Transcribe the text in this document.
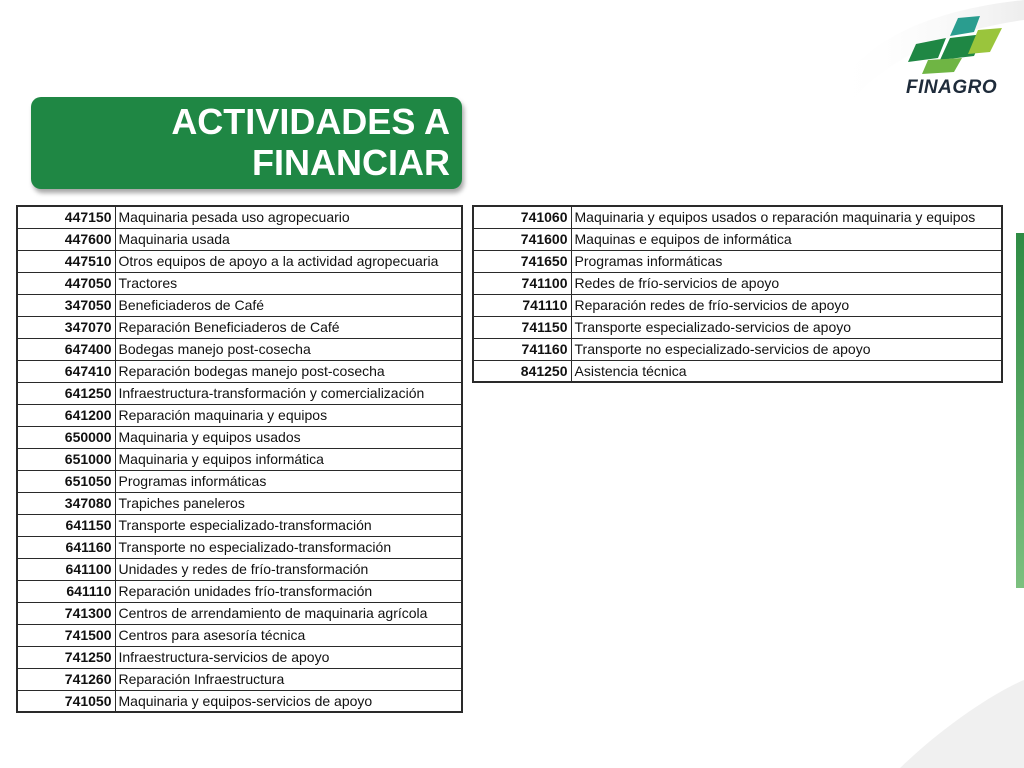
FINAGRO
ACTIVIDADES A
FINANCIAR
447150	Maquinaria pesada uso agropecuario
447600	Maquinaria usada
447510	Otros equipos de apoyo a la actividad agropecuaria
447050	Tractores
347050	Beneficiaderos de Café
347070	Reparación Beneficiaderos de Café
647400	Bodegas manejo post-cosecha
647410	Reparación bodegas manejo post-cosecha
641250	Infraestructura-transformación y comercialización
641200	Reparación maquinaria y equipos
650000	Maquinaria y equipos usados
651000	Maquinaria y equipos informática
651050	Programas informáticas
347080	Trapiches paneleros
641150	Transporte especializado-transformación
641160	Transporte no especializado-transformación
641100	Unidades y redes de frío-transformación
641110	Reparación unidades frío-transformación
741300	Centros de arrendamiento de maquinaria agrícola
741500	Centros para asesoría técnica
741250	Infraestructura-servicios de apoyo
741260	Reparación Infraestructura
741050	Maquinaria y equipos-servicios de apoyo
741060	Maquinaria y equipos usados o reparación maquinaria y equipos
741600	Maquinas e equipos de informática
741650	Programas informáticas
741100	Redes de frío-servicios de apoyo
741110	Reparación redes de frío-servicios de apoyo
741150	Transporte especializado-servicios de apoyo
741160	Transporte no especializado-servicios de apoyo
841250	Asistencia técnica
